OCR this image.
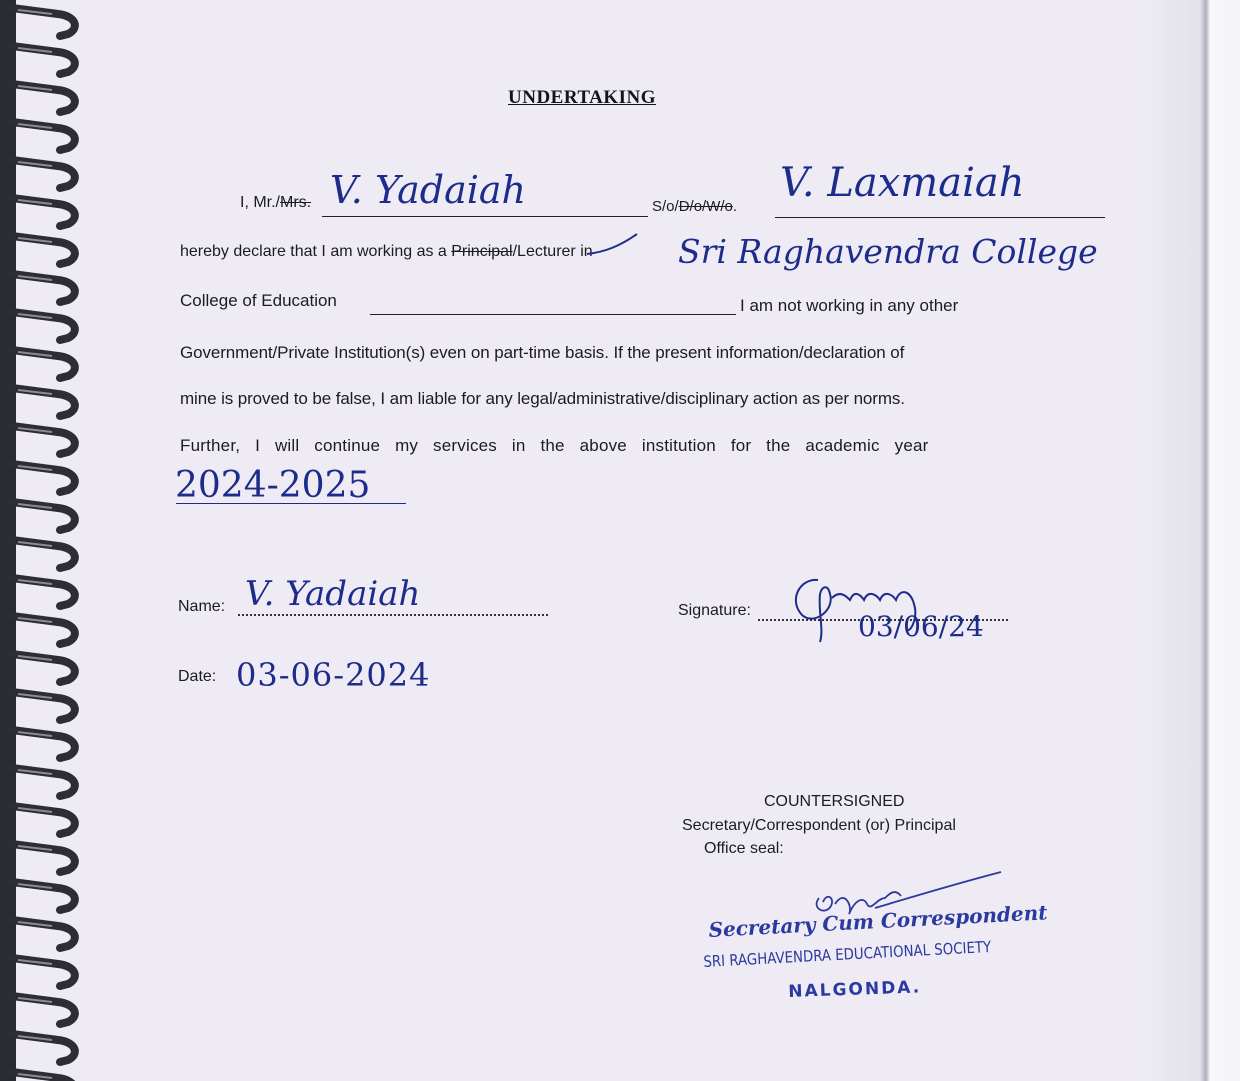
UNDERTAKING
I, Mr./Mrs. V. Yadaiah	S/o/D/o/W/o.
V. Laxmaiah
hereby declare that I am working as a Principal/Lecturer in	Sri Raghavendra College
College of Education	I am not working in any other
Government/Private Institution(s) even on part-time basis. If the present information/declaration of
mine is proved to be false, I am liable for any legal/administrative/disciplinary action as per norms.
Further, I will continue my services in the above institution for the academic year
2024-2025
Name: V. Yadaiah	Signature:	03/06/24
Date: 03-06-2024
COUNTERSIGNED
Secretary/Correspondent (or) Principal
Office seal:
Secretary Cum Correspondent
SRI RAGHAVENDRA EDUCATIONAL SOCIETY
NALGONDA.
